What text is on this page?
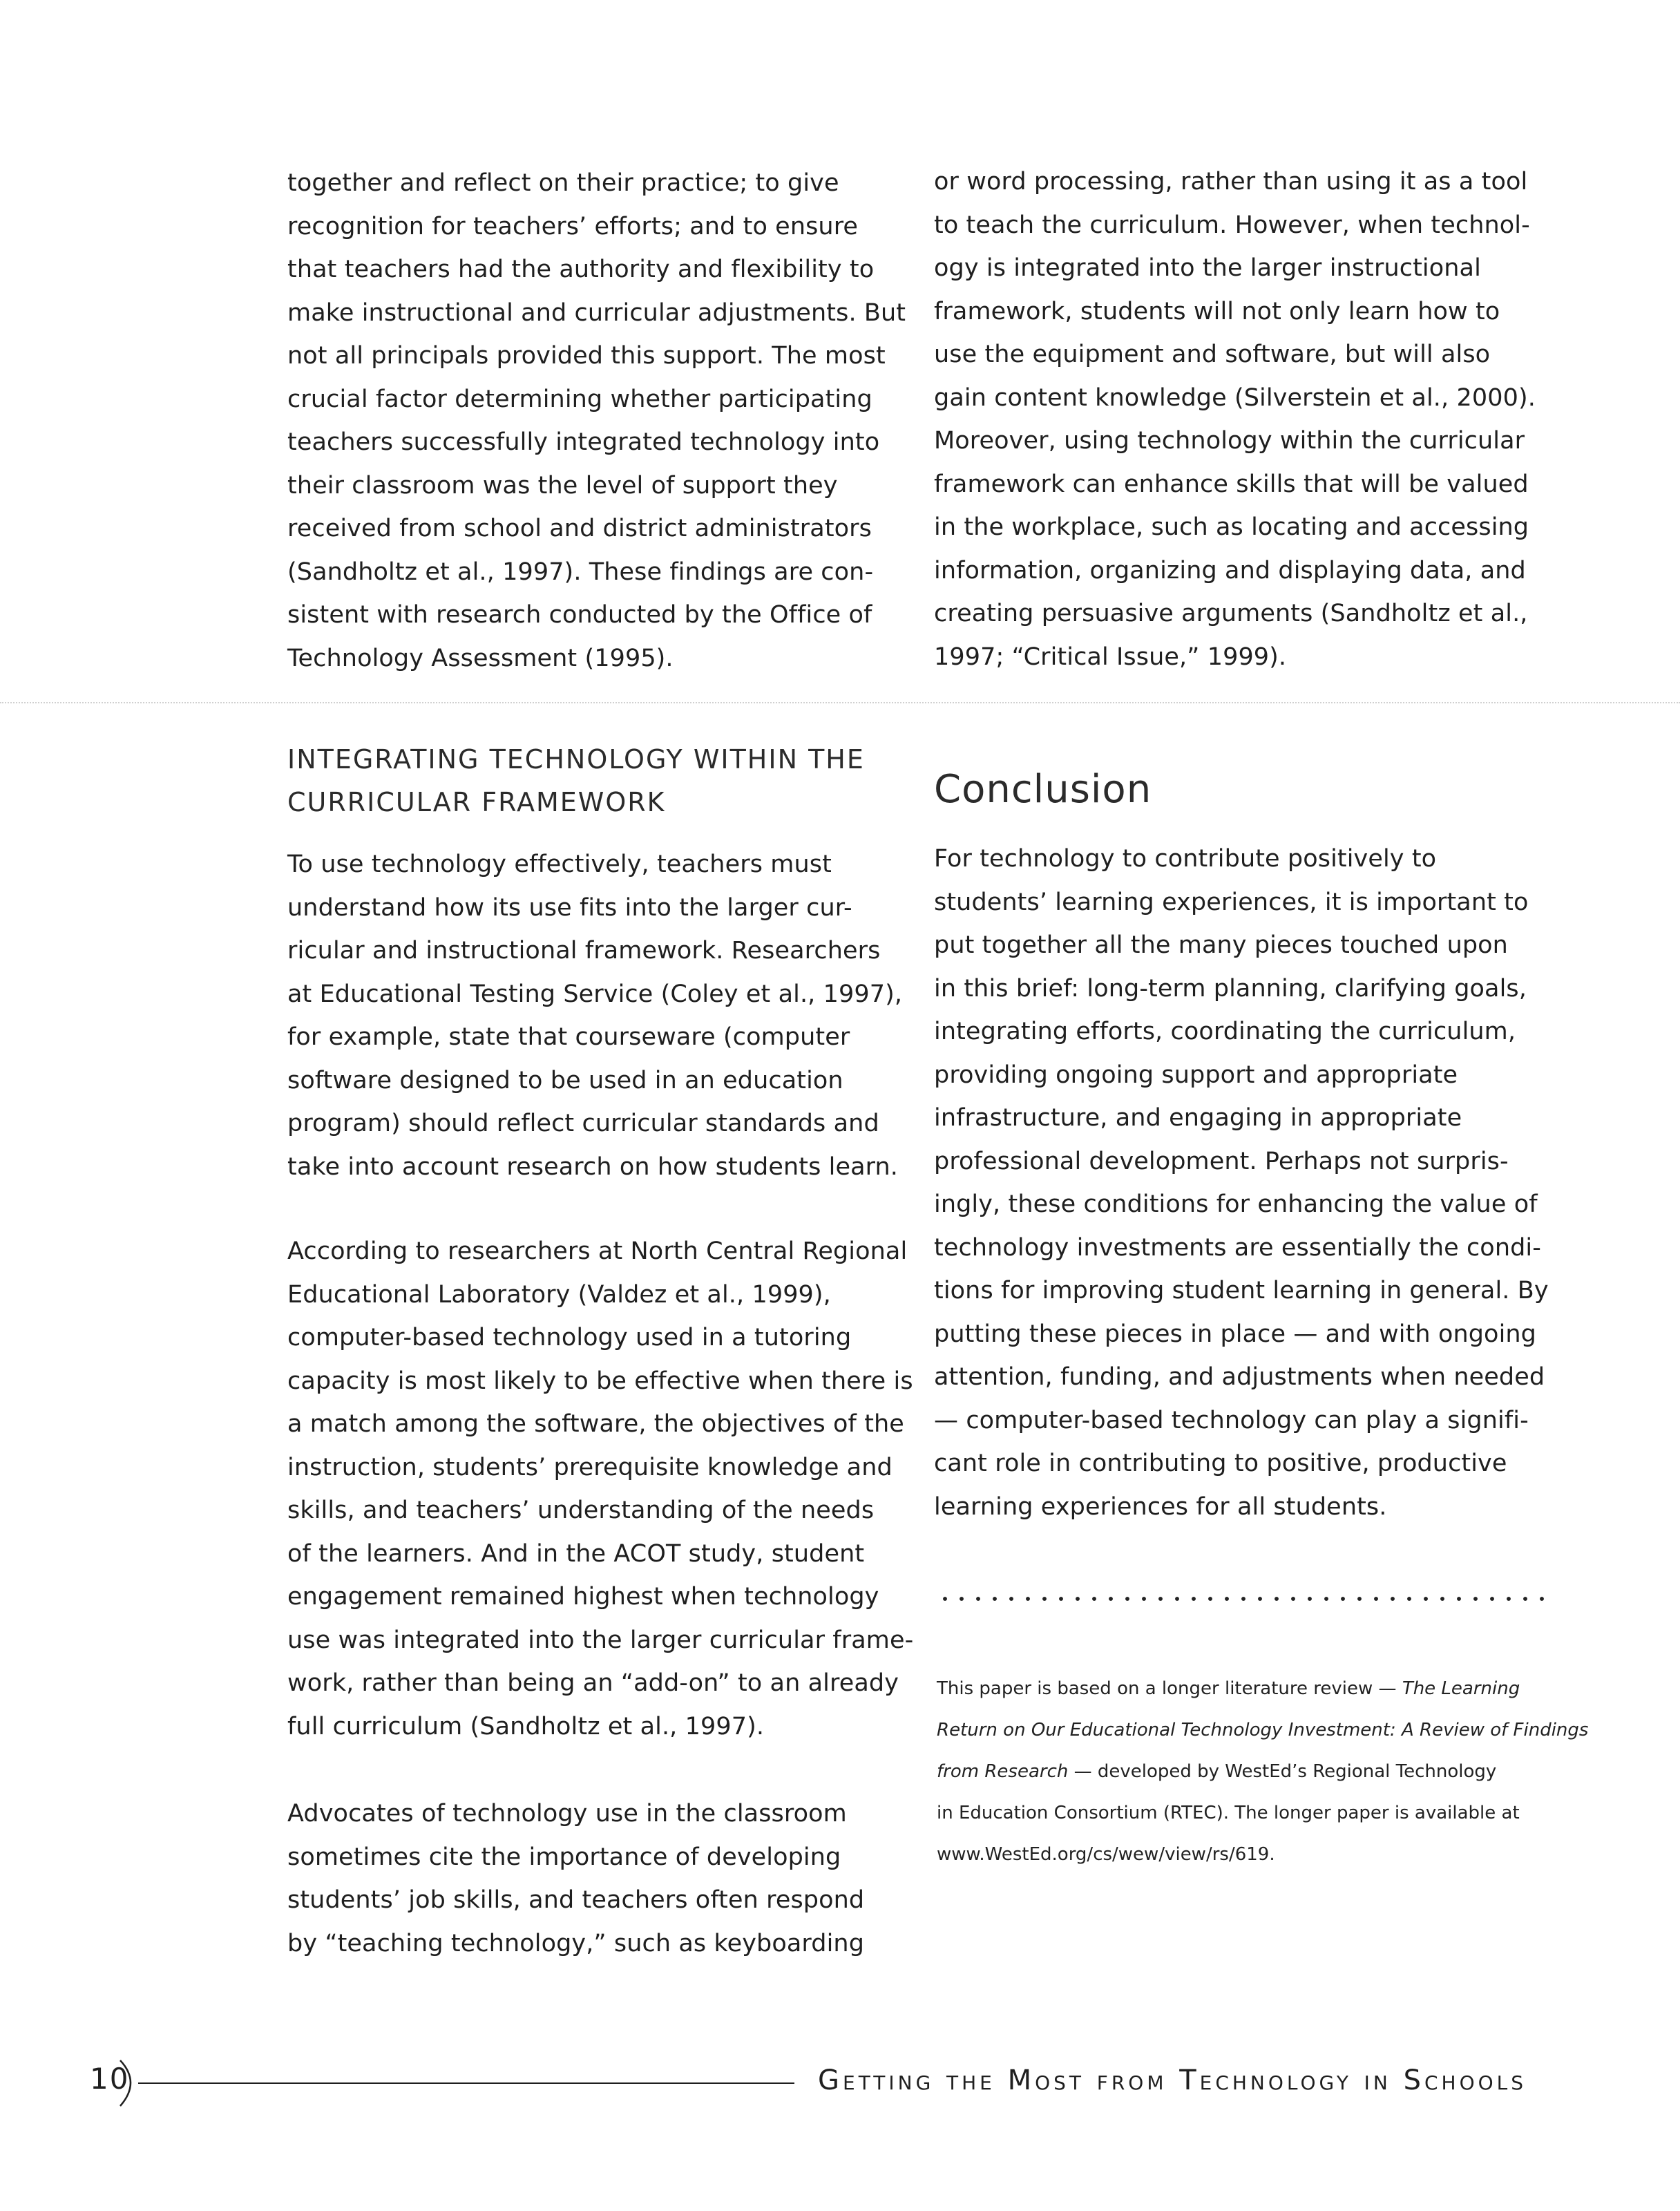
together and reflect on their practice; to give
recognition for teachers’ efforts; and to ensure
that teachers had the authority and flexibility to
make instructional and curricular adjustments. But
not all principals provided this support. The most
crucial factor determining whether participating
teachers successfully integrated technology into
their classroom was the level of support they
received from school and district administrators
(Sandholtz et al., 1997). These findings are con-
sistent with research conducted by the Office of
Technology Assessment (1995).

or word processing, rather than using it as a tool
to teach the curriculum. However, when technol-
ogy is integrated into the larger instructional
framework, students will not only learn how to
use the equipment and software, but will also
gain content knowledge (Silverstein et al., 2000).
Moreover, using technology within the curricular
framework can enhance skills that will be valued
in the workplace, such as locating and accessing
information, organizing and displaying data, and
creating persuasive arguments (Sandholtz et al.,
1997; “Critical Issue,” 1999).

INTEGRATING TECHNOLOGY WITHIN THE
CURRICULAR FRAMEWORK

To use technology effectively, teachers must
understand how its use fits into the larger cur-
ricular and instructional framework. Researchers
at Educational Testing Service (Coley et al., 1997),
for example, state that courseware (computer
software designed to be used in an education
program) should reflect curricular standards and
take into account research on how students learn.

According to researchers at North Central Regional
Educational Laboratory (Valdez et al., 1999),
computer-based technology used in a tutoring
capacity is most likely to be effective when there is
a match among the software, the objectives of the
instruction, students’ prerequisite knowledge and
skills, and teachers’ understanding of the needs
of the learners. And in the ACOT study, student
engagement remained highest when technology
use was integrated into the larger curricular frame-
work, rather than being an “add-on” to an already
full curriculum (Sandholtz et al., 1997).

Advocates of technology use in the classroom
sometimes cite the importance of developing
students’ job skills, and teachers often respond
by “teaching technology,” such as keyboarding

Conclusion

For technology to contribute positively to
students’ learning experiences, it is important to
put together all the many pieces touched upon
in this brief: long-term planning, clarifying goals,
integrating efforts, coordinating the curriculum,
providing ongoing support and appropriate
infrastructure, and engaging in appropriate
professional development. Perhaps not surpris-
ingly, these conditions for enhancing the value of
technology investments are essentially the condi-
tions for improving student learning in general. By
putting these pieces in place — and with ongoing
attention, funding, and adjustments when needed
— computer-based technology can play a signifi-
cant role in contributing to positive, productive
learning experiences for all students.

This paper is based on a longer literature review — The Learning
Return on Our Educational Technology Investment: A Review of Findings
from Research — developed by WestEd’s Regional Technology
in Education Consortium (RTEC). The longer paper is available at
www.WestEd.org/cs/wew/view/rs/619.

10	Getting the Most from Technology in Schools
